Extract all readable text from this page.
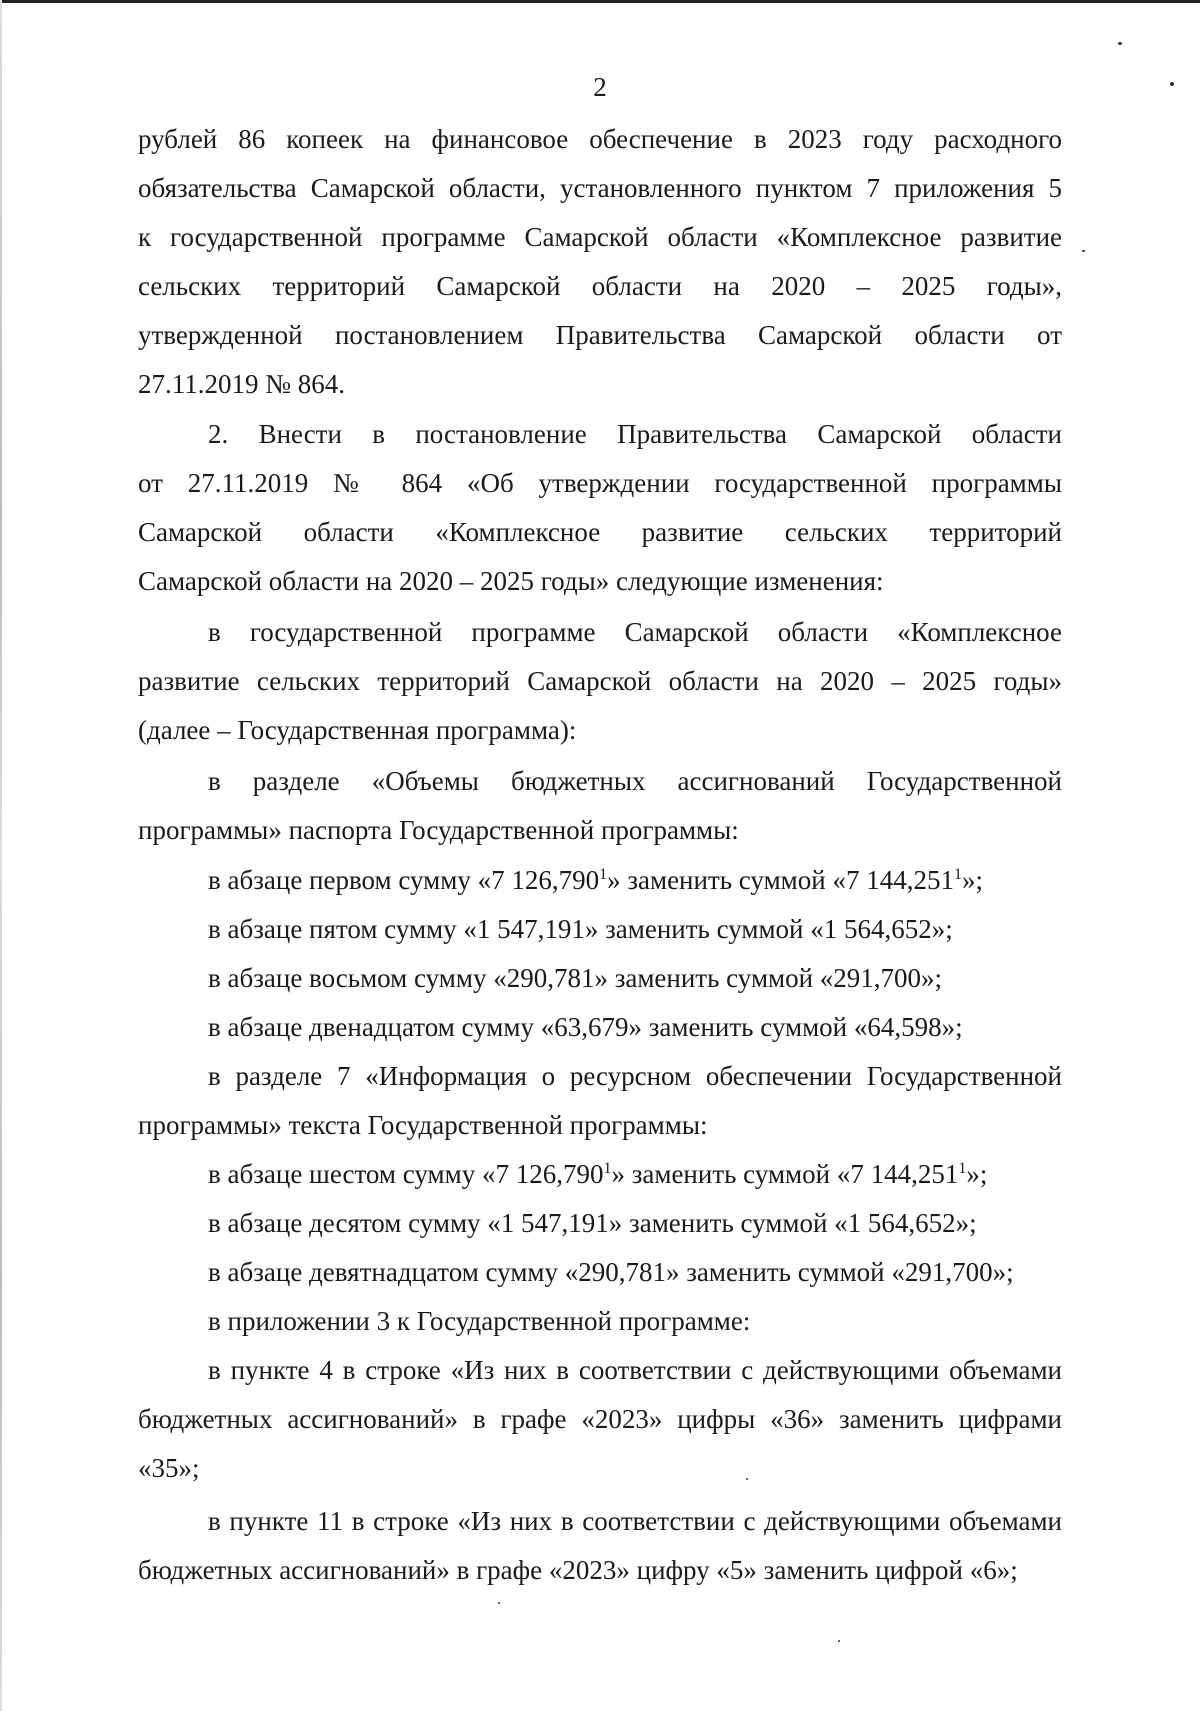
2
рублей 86 копеек на финансовое обеспечение в 2023 году расходного
обязательства Самарской области, установленного пунктом 7 приложения 5
к государственной программе Самарской области «Комплексное развитие
сельских территорий Самарской области на 2020 – 2025 годы»,
утвержденной постановлением Правительства Самарской области от
27.11.2019 № 864.
2. Внести в постановление Правительства Самарской области
от 27.11.2019 № 864 «Об утверждении государственной программы
Самарской области «Комплексное развитие сельских территорий
Самарской области на 2020 – 2025 годы» следующие изменения:
в государственной программе Самарской области «Комплексное
развитие сельских территорий Самарской области на 2020 – 2025 годы»
(далее – Государственная программа):
в разделе «Объемы бюджетных ассигнований Государственной
программы» паспорта Государственной программы:
в абзаце первом сумму «7 126,790$^1$» заменить суммой «7 144,251$^1$»;
в абзаце пятом сумму «1 547,191» заменить суммой «1 564,652»;
в абзаце восьмом сумму «290,781» заменить суммой «291,700»;
в абзаце двенадцатом сумму «63,679» заменить суммой «64,598»;
в разделе 7 «Информация о ресурсном обеспечении Государственной
программы» текста Государственной программы:
в абзаце шестом сумму «7 126,790$^1$» заменить суммой «7 144,251$^1$»;
в абзаце десятом сумму «1 547,191» заменить суммой «1 564,652»;
в абзаце девятнадцатом сумму «290,781» заменить суммой «291,700»;
в приложении 3 к Государственной программе:
в пункте 4 в строке «Из них в соответствии с действующими объемами
бюджетных ассигнований» в графе «2023» цифры «36» заменить цифрами
«35»;
в пункте 11 в строке «Из них в соответствии с действующими объемами
бюджетных ассигнований» в графе «2023» цифру «5» заменить цифрой «6»;
